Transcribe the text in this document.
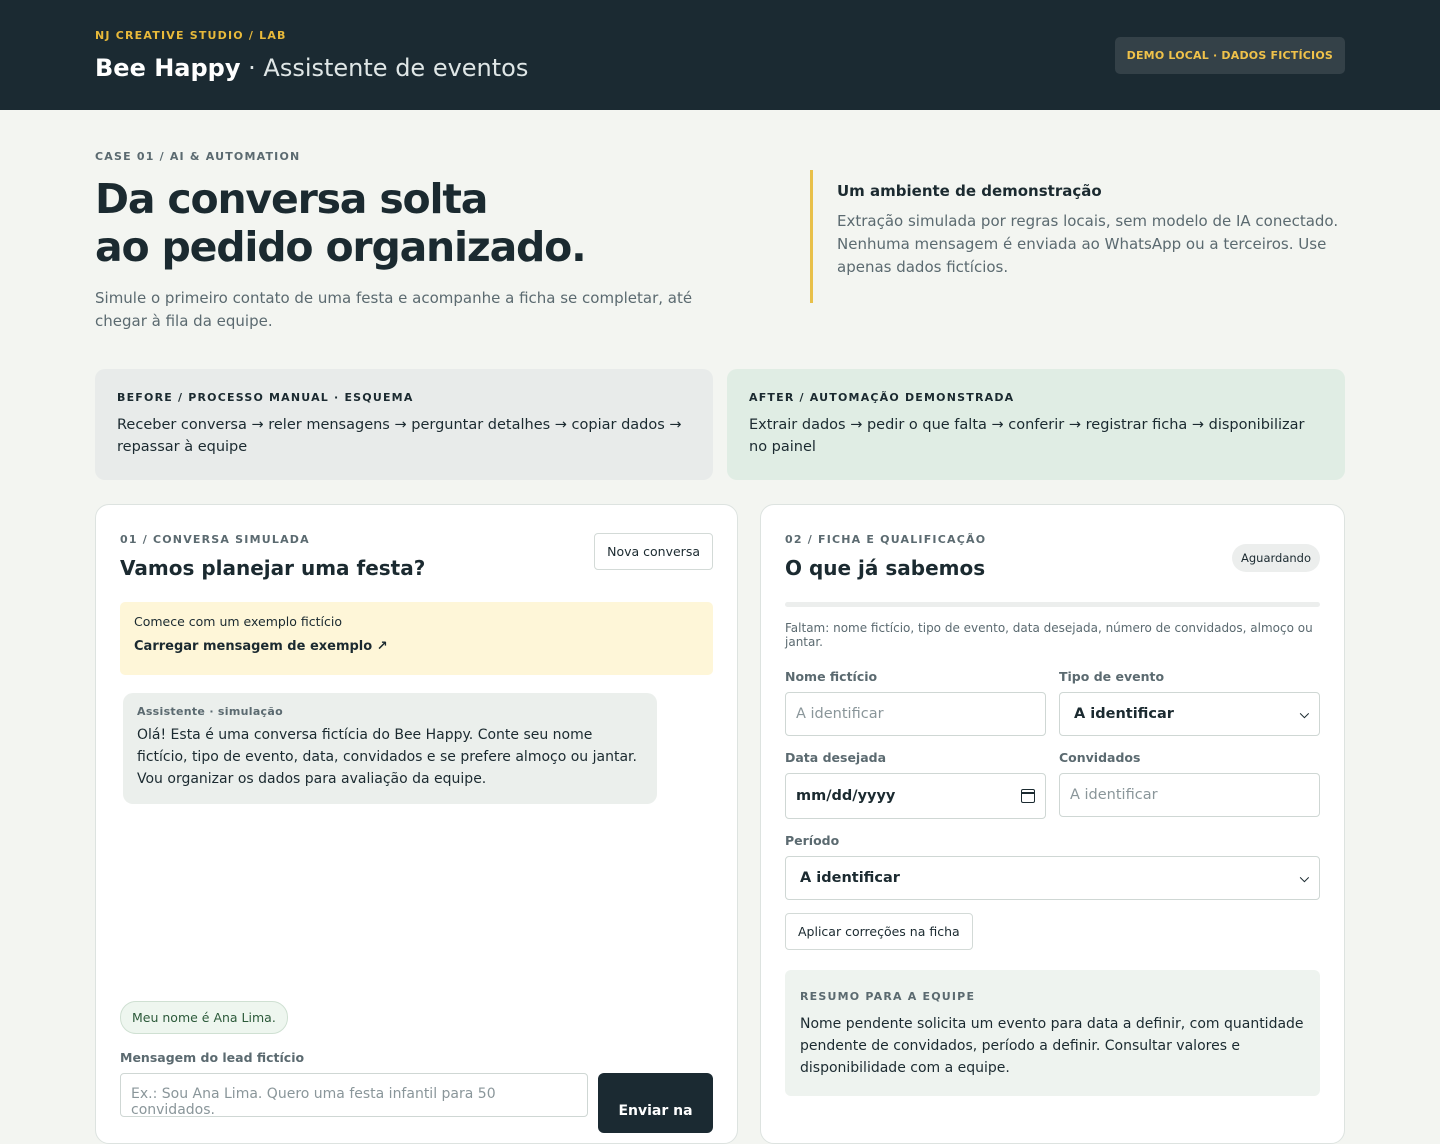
NJ CREATIVE STUDIO / LAB
Bee Happy · Assistente de eventos	DEMO LOCAL · DADOS FICTÍCIOS
CASE 01 / AI & AUTOMATION
Da conversa solta
ao pedido organizado.

Simule o primeiro contato de uma festa e acompanhe a ficha se completar, até chegar à fila da equipe.

Um ambiente de demonstração

Extração simulada por regras locais, sem modelo de IA conectado. Nenhuma mensagem é enviada ao WhatsApp ou a terceiros. Use apenas dados fictícios.

BEFORE / PROCESSO MANUAL · ESQUEMA

Receber conversa → reler mensagens → perguntar detalhes → copiar dados → repassar à equipe

AFTER / AUTOMAÇÃO DEMONSTRADA

Extrair dados → pedir o que falta → conferir → registrar ficha → disponibilizar no painel

01 / CONVERSA SIMULADA
Vamos planejar uma festa?
Nova conversa
Comece com um exemplo fictício
Carregar mensagem de exemplo ↗
Assistente · simulação

Olá! Esta é uma conversa fictícia do Bee Happy. Conte seu nome fictício, tipo de evento, data, convidados e se prefere almoço ou jantar. Vou organizar os dados para avaliação da equipe.

Meu nome é Ana Lima.
Mensagem do lead fictício
Ex.: Sou Ana Lima. Quero uma festa infantil para 50 convidados.	Enviar na
02 / FICHA E QUALIFICAÇÃO
O que já sabemos	Aguardando

Faltam: nome fictício, tipo de evento, data desejada, número de convidados, almoço ou jantar.

Nome fictício
A identificar
Tipo de evento
A identificar	⌵
Data desejada
mm/dd/yyyy
Convidados
A identificar
Período
A identificar	⌵
Aplicar correções na ficha
RESUMO PARA A EQUIPE

Nome pendente solicita um evento para data a definir, com quantidade pendente de convidados, período a definir. Consultar valores e disponibilidade com a equipe.
